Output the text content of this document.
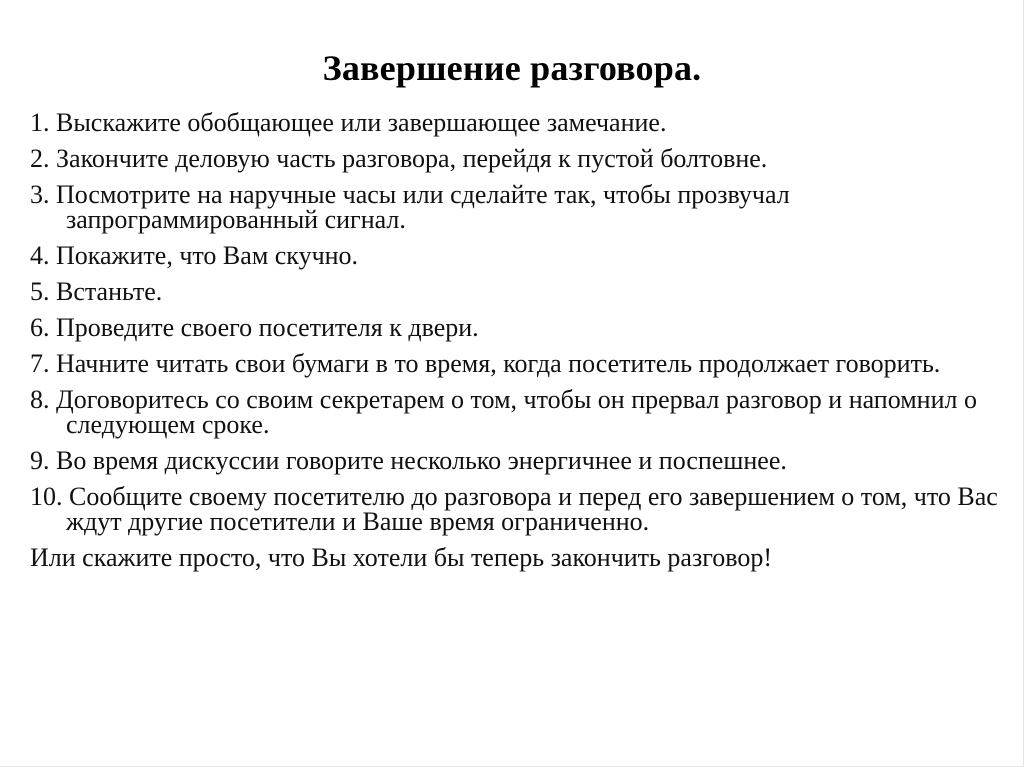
Завершение разговора.
1. Выскажите обобщающее или завершающее замечание.
2. Закончите деловую часть разговора, перейдя к пустой болтовне.
3. Посмотрите на наручные часы или сделайте так, чтобы прозвучал запрограммированный сигнал.
4. Покажите, что Вам скучно.
5. Встаньте.
6. Проведите своего посетителя к двери.
7. Начните читать свои бумаги в то время, когда посетитель продолжает говорить.
8. Договоритесь со своим секретарем о том, чтобы он прервал разговор и напомнил о следующем сроке.
9. Во время дискуссии говорите несколько энергичнее и поспешнее.
10. Сообщите своему посетителю до разговора и перед его завершением о том, что Вас ждут другие посетители и Ваше время ограниченно.
Или скажите просто, что Вы хотели бы теперь закончить разговор!
